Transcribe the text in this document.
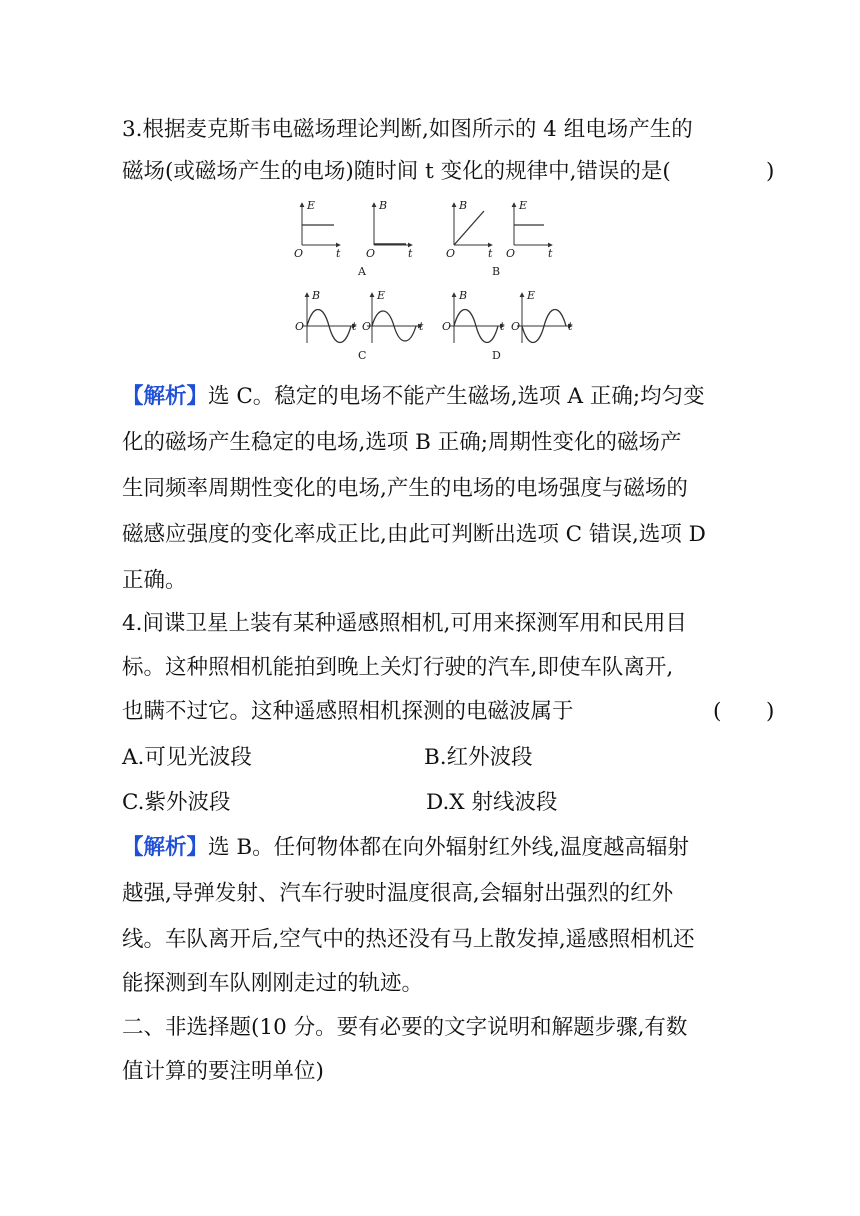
3.根据麦克斯韦电磁场理论判断,如图所示的 4 组电场产生的
磁场(或磁场产生的电场)随时间 t 变化的规律中,错误的是(	)
E
O	t
B
O	t
B
O	t
E
O	t
A	B
B
O	t
E
O	t
B
O	t
E
O	t
C	D
【解析】选 C。稳定的电场不能产生磁场,选项 A 正确;均匀变
化的磁场产生稳定的电场,选项 B 正确;周期性变化的磁场产
生同频率周期性变化的电场,产生的电场的电场强度与磁场的
磁感应强度的变化率成正比,由此可判断出选项 C 错误,选项 D
正确。
4.间谍卫星上装有某种遥感照相机,可用来探测军用和民用目
标。这种照相机能拍到晚上关灯行驶的汽车,即使车队离开,
也瞒不过它。这种遥感照相机探测的电磁波属于	( )
A.可见光波段	B.红外波段
C.紫外波段	D.X 射线波段
【解析】选 B。任何物体都在向外辐射红外线,温度越高辐射
越强,导弹发射、汽车行驶时温度很高,会辐射出强烈的红外
线。车队离开后,空气中的热还没有马上散发掉,遥感照相机还
能探测到车队刚刚走过的轨迹。
二、非选择题(10 分。要有必要的文字说明和解题步骤,有数
值计算的要注明单位)
